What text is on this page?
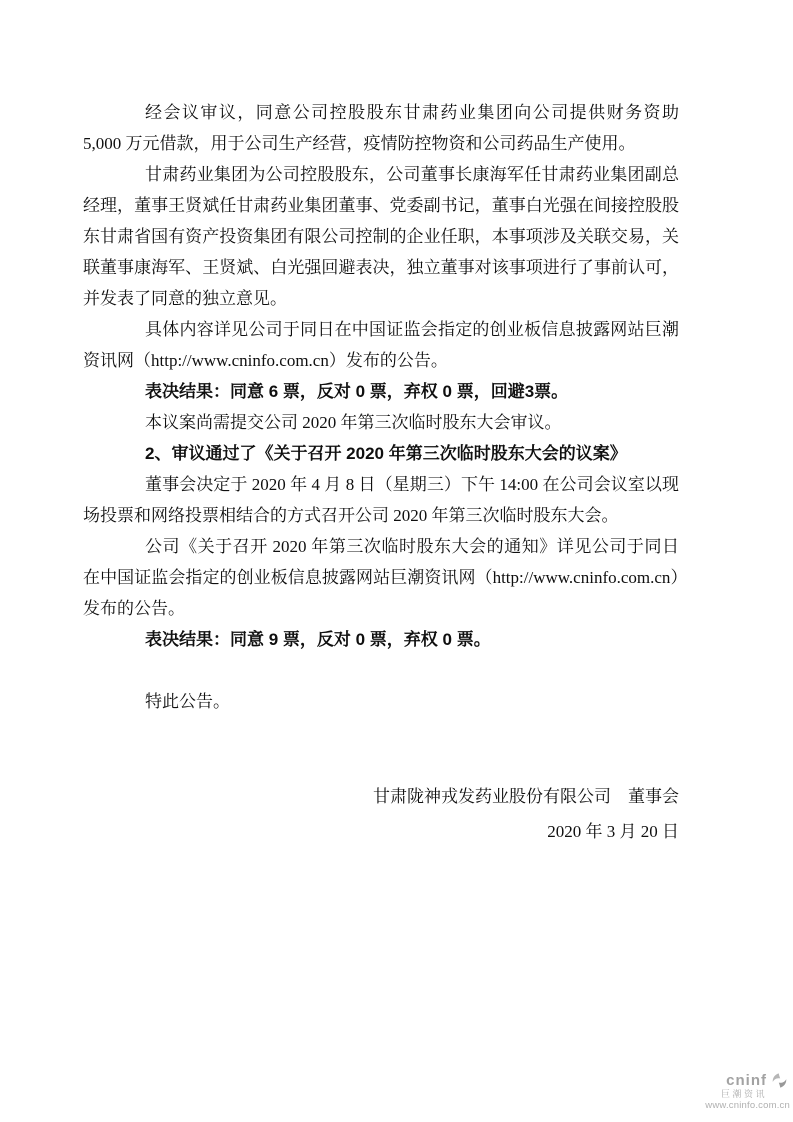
经会议审议，同意公司控股股东甘肃药业集团向公司提供财务资助 5,000 万元借款，用于公司生产经营，疫情防控物资和公司药品生产使用。

甘肃药业集团为公司控股股东，公司董事长康海军任甘肃药业集团副总经理，董事王贤斌任甘肃药业集团董事、党委副书记，董事白光强在间接控股股东甘肃省国有资产投资集团有限公司控制的企业任职，本事项涉及关联交易，关联董事康海军、王贤斌、白光强回避表决，独立董事对该事项进行了事前认可，并发表了同意的独立意见。

具体内容详见公司于同日在中国证监会指定的创业板信息披露网站巨潮资讯网（http://www.cninfo.com.cn）发布的公告。

表决结果：同意 6 票，反对 0 票，弃权 0 票，回避3票。

本议案尚需提交公司 2020 年第三次临时股东大会审议。

2、审议通过了《关于召开 2020 年第三次临时股东大会的议案》

董事会决定于 2020 年 4 月 8 日（星期三）下午 14:00 在公司会议室以现场投票和网络投票相结合的方式召开公司 2020 年第三次临时股东大会。

公司《关于召开 2020 年第三次临时股东大会的通知》详见公司于同日在中国证监会指定的创业板信息披露网站巨潮资讯网（http://www.cninfo.com.cn）发布的公告。

表决结果：同意 9 票，反对 0 票，弃权 0 票。

特此公告。

甘肃陇神戎发药业股份有限公司　董事会

2020 年 3 月 20 日

cninf
巨潮资讯
www.cninfo.com.cn
